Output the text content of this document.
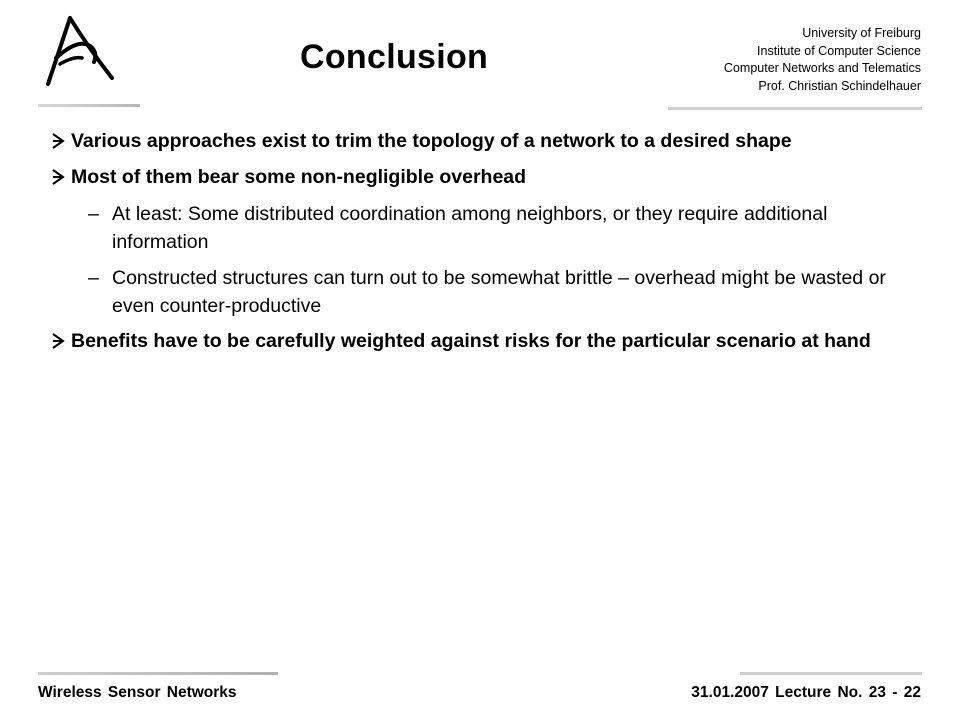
Conclusion
University of Freiburg
Institute of Computer Science
Computer Networks and Telematics
Prof. Christian Schindelhauer
Various approaches exist to trim the topology of a network to a desired shape
Most of them bear some non-negligible overhead
– At least: Some distributed coordination among neighbors, or they require additional information
– Constructed structures can turn out to be somewhat brittle – overhead might be wasted or even counter-productive
Benefits have to be carefully weighted against risks for the particular scenario at hand
Wireless Sensor Networks	31.01.2007 Lecture No. 23 - 22
